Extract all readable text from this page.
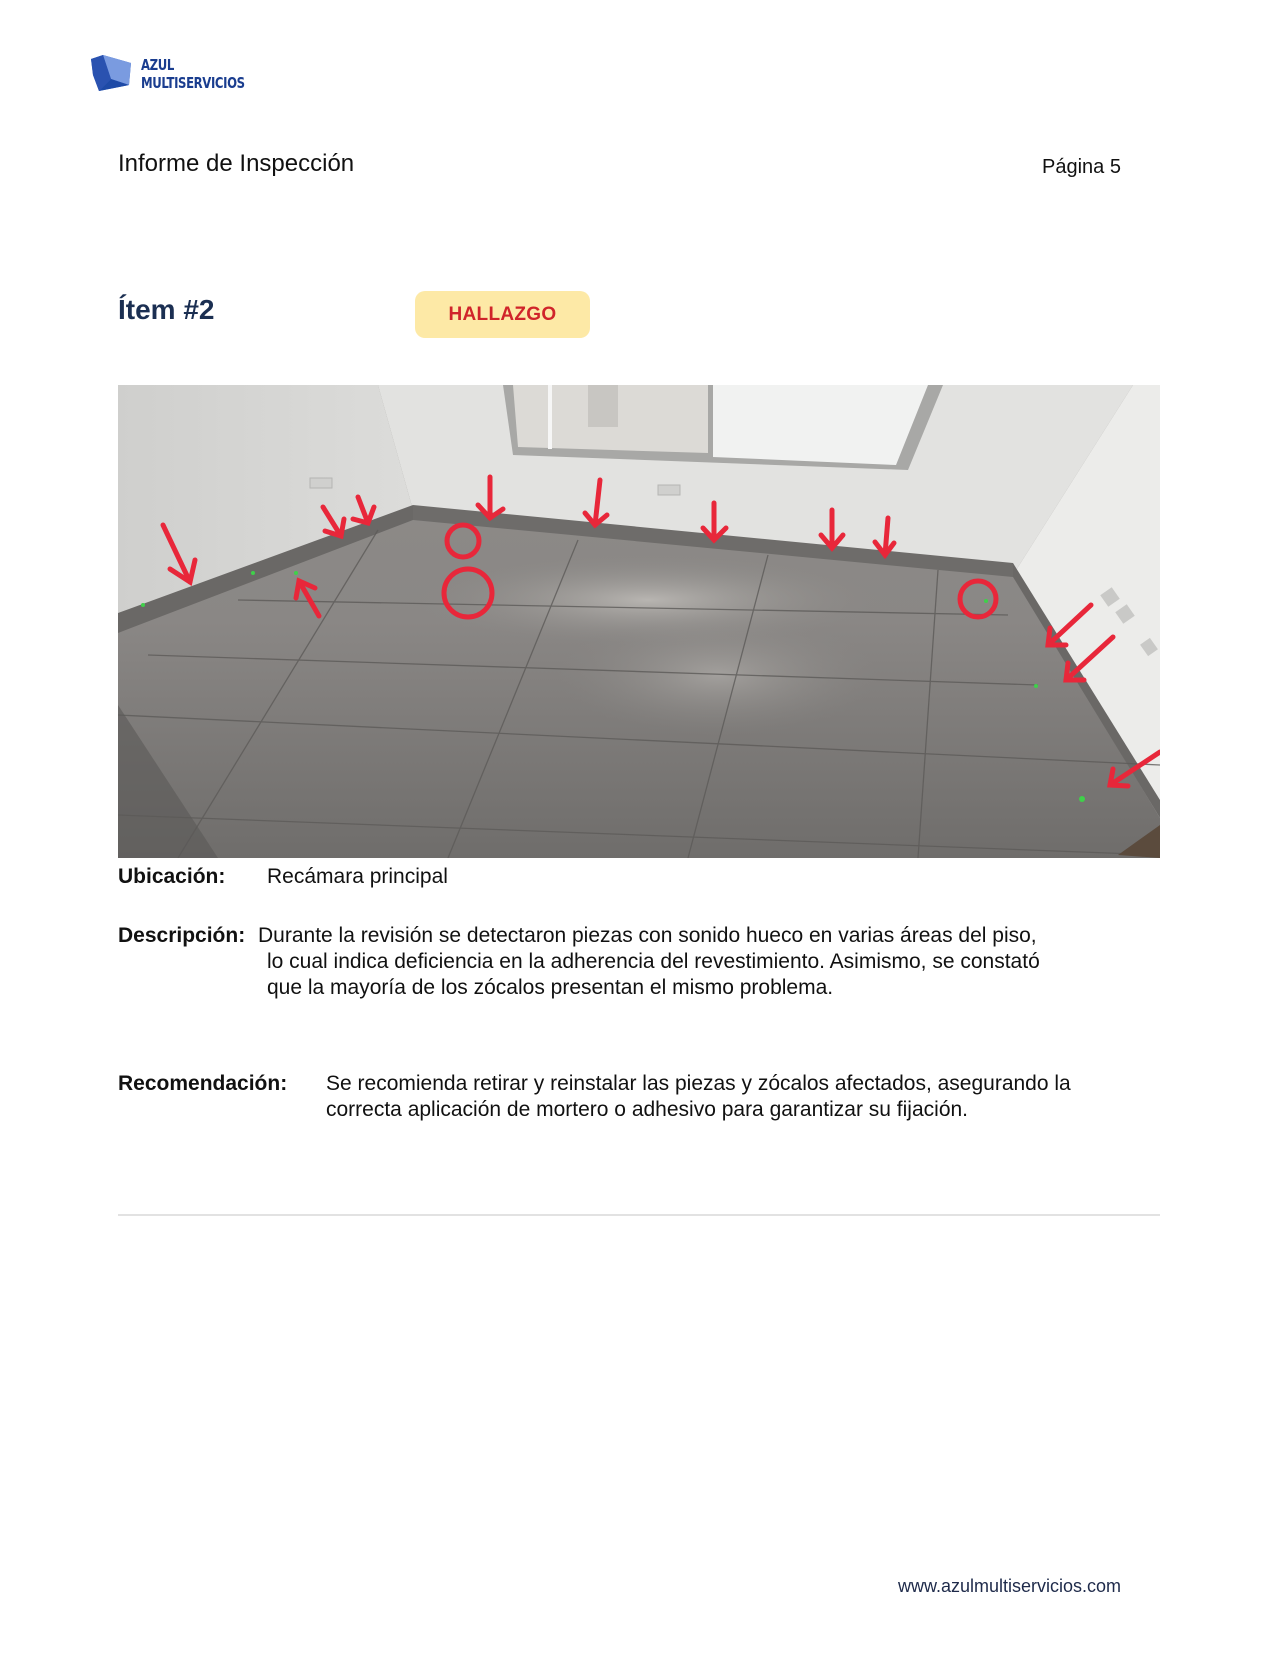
AZUL
MULTISERVICIOS
Informe de Inspección	Página 5
Ítem #2	HALLAZGO
Ubicación: Recámara principal
Descripción: Durante la revisión se detectaron piezas con sonido hueco en varias áreas del piso,
lo cual indica deficiencia en la adherencia del revestimiento. Asimismo, se constató
que la mayoría de los zócalos presentan el mismo problema.
Recomendación: Se recomienda retirar y reinstalar las piezas y zócalos afectados, asegurando la
correcta aplicación de mortero o adhesivo para garantizar su fijación.
www.azulmultiservicios.com
